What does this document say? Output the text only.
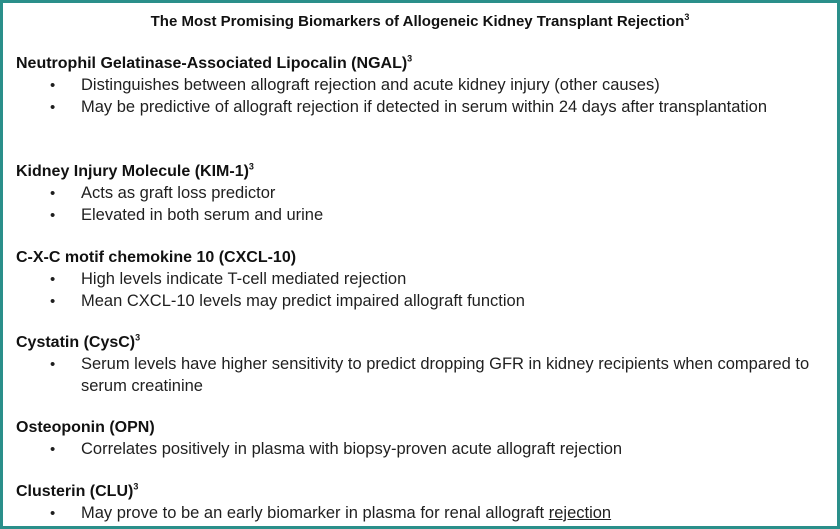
The Most Promising Biomarkers of Allogeneic Kidney Transplant Rejection$^3$
Neutrophil Gelatinase-Associated Lipocalin (NGAL)$^3$
• Distinguishes between allograft rejection and acute kidney injury (other causes)
• May be predictive of allograft rejection if detected in serum within 24 days after transplantation
Kidney Injury Molecule $(KIM-1)^3$
• Acts as graft loss predictor
• Elevated in both serum and urine
C-X-C motif chemokine 10 (CXCL-10)
• High levels indicate T-cell mediated rejection
• Mean CXCL-10 levels may predict impaired allograft function
Cystatin (CysC)$^3$
• Serum levels have higher sensitivity to predict dropping GFR in kidney recipients when compared to serum creatinine
Osteoponin (OPN)
• Correlates positively in plasma with biopsy-proven acute allograft rejection
Clusterin (CLU)$^3$
• May prove to be an early biomarker in plasma for renal allograft rejection
